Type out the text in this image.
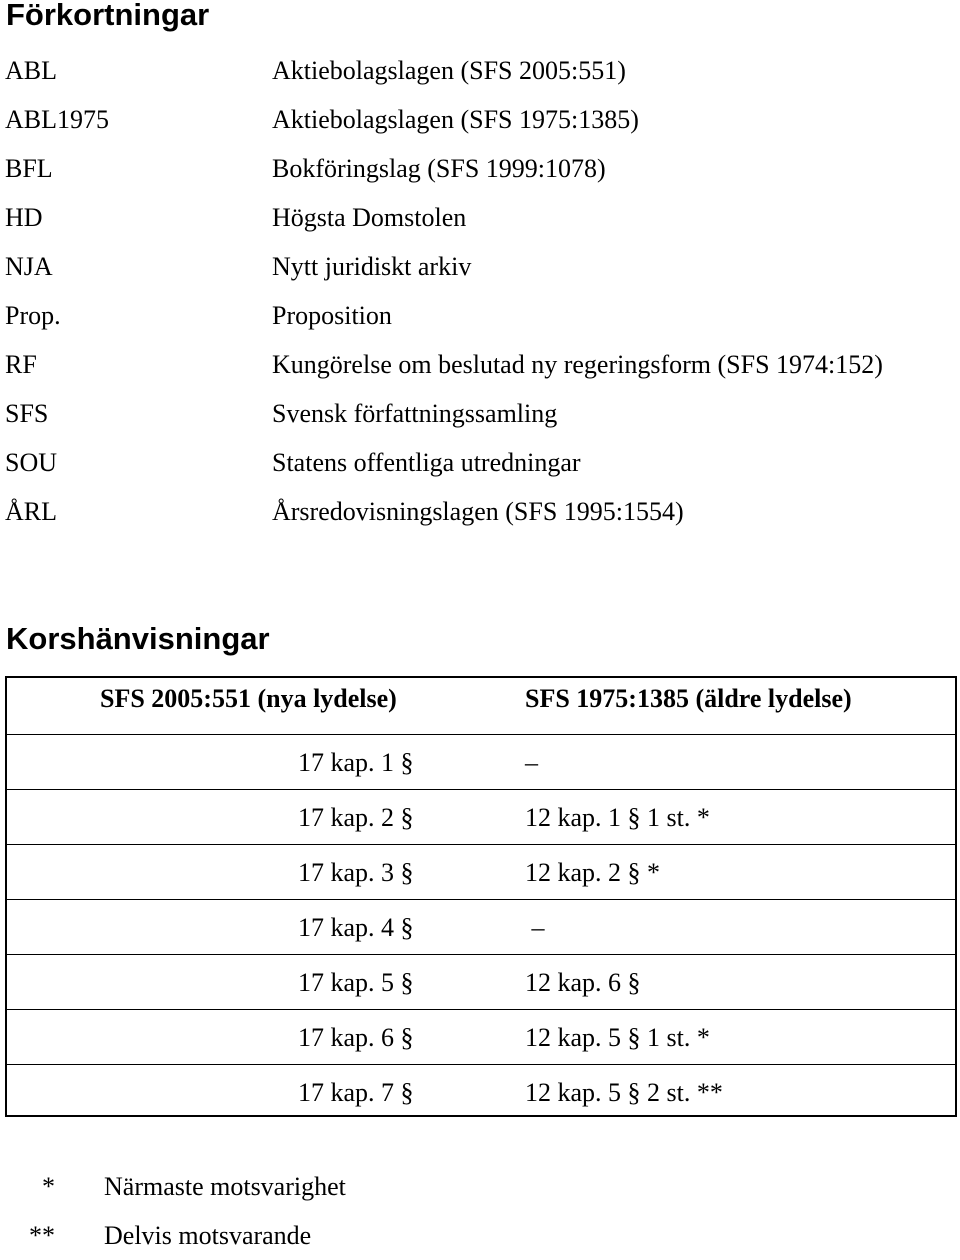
Förkortningar
ABL	Aktiebolagslagen (SFS 2005:551)
ABL1975	Aktiebolagslagen (SFS 1975:1385)
BFL	Bokföringslag (SFS 1999:1078)
HD	Högsta Domstolen
NJA	Nytt juridiskt arkiv
Prop.	Proposition
RF	Kungörelse om beslutad ny regeringsform (SFS 1974:152)
SFS	Svensk författningssamling
SOU	Statens offentliga utredningar
ÅRL	Årsredovisningslagen (SFS 1995:1554)
Korshänvisningar
SFS 2005:551 (nya lydelse)	SFS 1975:1385 (äldre lydelse)
17 kap. 1 §	–
17 kap. 2 §	12 kap. 1 § 1 st. *
17 kap. 3 §	12 kap. 2 § *
17 kap. 4 §	–
17 kap. 5 §	12 kap. 6 §
17 kap. 6 §	12 kap. 5 § 1 st. *
17 kap. 7 §	12 kap. 5 § 2 st. **
* Närmaste motsvarighet
** Delvis motsvarande
